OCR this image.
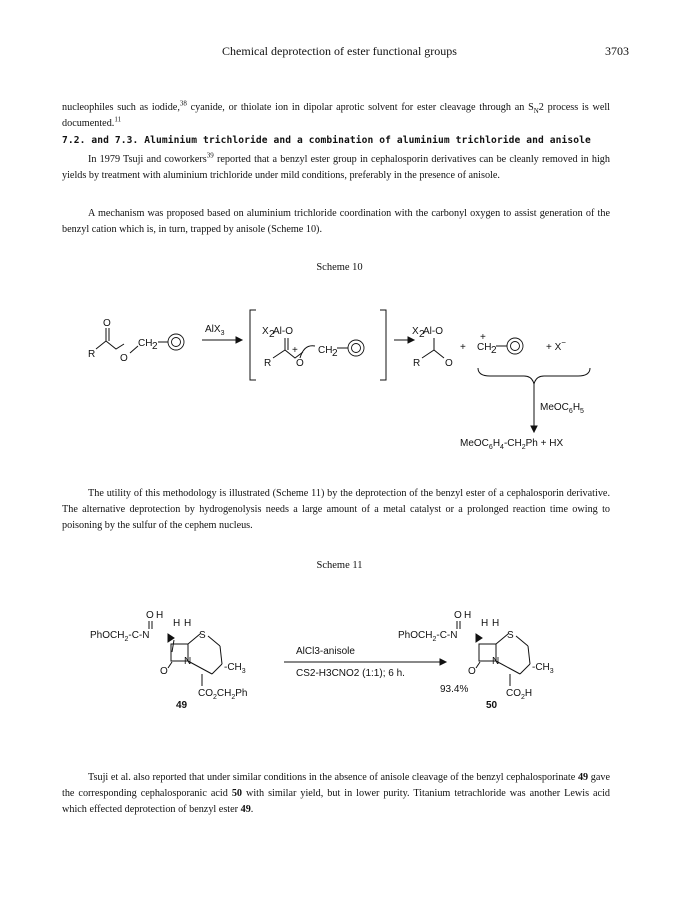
Chemical deprotection of ester functional groups	3703
nucleophiles such as iodide,$^{38}$ cyanide, or thiolate ion in dipolar aprotic solvent for ester cleavage through an $S_N2$ process is well documented.$^{11}$
7.2. and 7.3. Aluminium trichloride and a combination of aluminium trichloride and anisole
In 1979 Tsuji and coworkers$^{39}$ reported that a benzyl ester group in cephalosporin derivatives can be cleanly removed in high yields by treatment with aluminium trichloride under mild conditions, preferably in the presence of anisole.
A mechanism was proposed based on aluminium trichloride coordination with the carbonyl oxygen to assist generation of the benzyl cation which is, in turn, trapped by anisole (Scheme 10).
Scheme 10
R
O
O
CH 2
AlX$_3$	X 2
Al-O
R
+
O
CH 2
X 2
Al-O
R O
+
+
CH 2	+ X−
$MeOC_6H_5$
$MeOC_6H_4-CH_2Ph$ + HX
The utility of this methodology is illustrated (Scheme 11) by the deprotection of the benzyl ester of a cephalosporin derivative. The alternative deprotection by hydrogenolysis needs a large amount of a metal catalyst or a prolonged reaction time owing to poisoning by the sulfur of the cephem nucleus.
Scheme 11
PhOCH$_2$-C-N
O H
H H
S
$-CH_3$
N
O
$CO_2CH_2Ph$
49
AlCl3-anisole
CS2-H3CNO2 (1:1); 6 h.
PhOCH$_2$-C-N
O H
H H
S
$-CH_3$
N
O
$CO_2H$
93.4%
50
Tsuji et al. also reported that under similar conditions in the absence of anisole cleavage of the benzyl cephalosporinate 49 gave the corresponding cephalosporanic acid 50 with similar yield, but in lower purity. Titanium tetrachloride was another Lewis acid which effected deprotection of benzyl ester 49.
